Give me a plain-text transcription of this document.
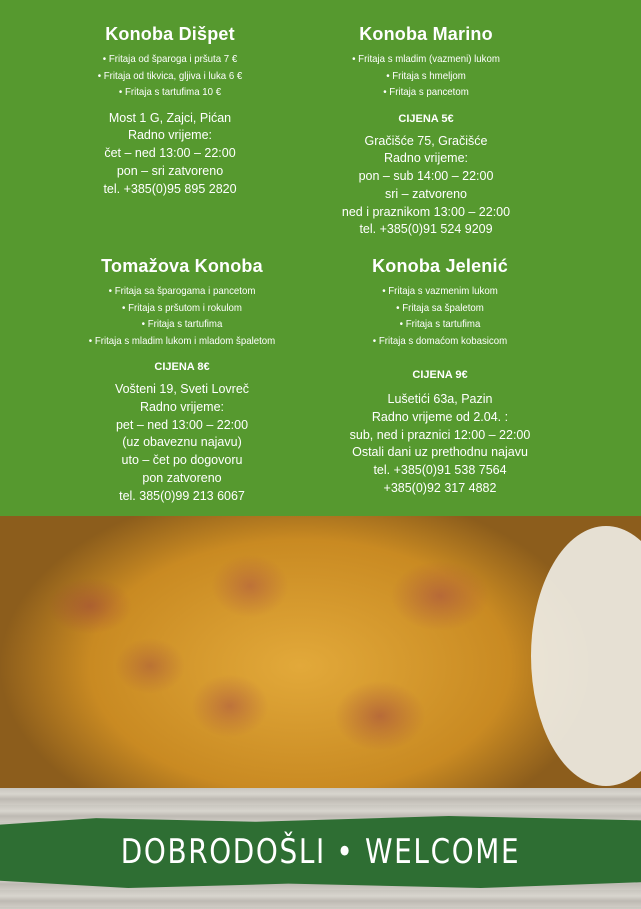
Konoba Dišpet
• Fritaja od šparoga i pršuta 7 €
• Fritaja od tikvica, gljiva i luka 6 €
• Fritaja s tartufima 10 €
Most 1 G, Zajci, Pićan
Radno vrijeme:
čet – ned 13:00 – 22:00
pon – sri zatvoreno
tel. +385(0)95 895 2820
Konoba Marino
• Fritaja s mladim (vazmeni) lukom
• Fritaja s hmeljom
• Fritaja s pancetom
CIJENA 5€
Gračišće 75, Gračišće
Radno vrijeme:
pon – sub 14:00 – 22:00
sri – zatvoreno
ned i praznikom 13:00 – 22:00
tel. +385(0)91 524 9209
Tomažova Konoba
• Fritaja sa šparogama i pancetom
• Fritaja s pršutom i rokulom
• Fritaja s tartufima
• Fritaja s mladim lukom i mladom špaletom
CIJENA 8€
Vošteni 19, Sveti Lovreč
Radno vrijeme:
pet – ned 13:00 – 22:00
(uz obaveznu najavu)
uto – čet po dogovoru
pon zatvoreno
tel. 385(0)99 213 6067
Konoba Jelenić
• Fritaja s vazmenim lukom
• Fritaja sa špaletom
• Fritaja s tartufima
• Fritaja s domaćom kobasicom
CIJENA 9€
Lušetići 63a, Pazin
Radno vrijeme od 2.04. :
sub, ned i praznici 12:00 – 22:00
Ostali dani uz prethodnu najavu
tel. +385(0)91 538 7564
+385(0)92 317 4882
DOBRODOŠLI • WELCOME
